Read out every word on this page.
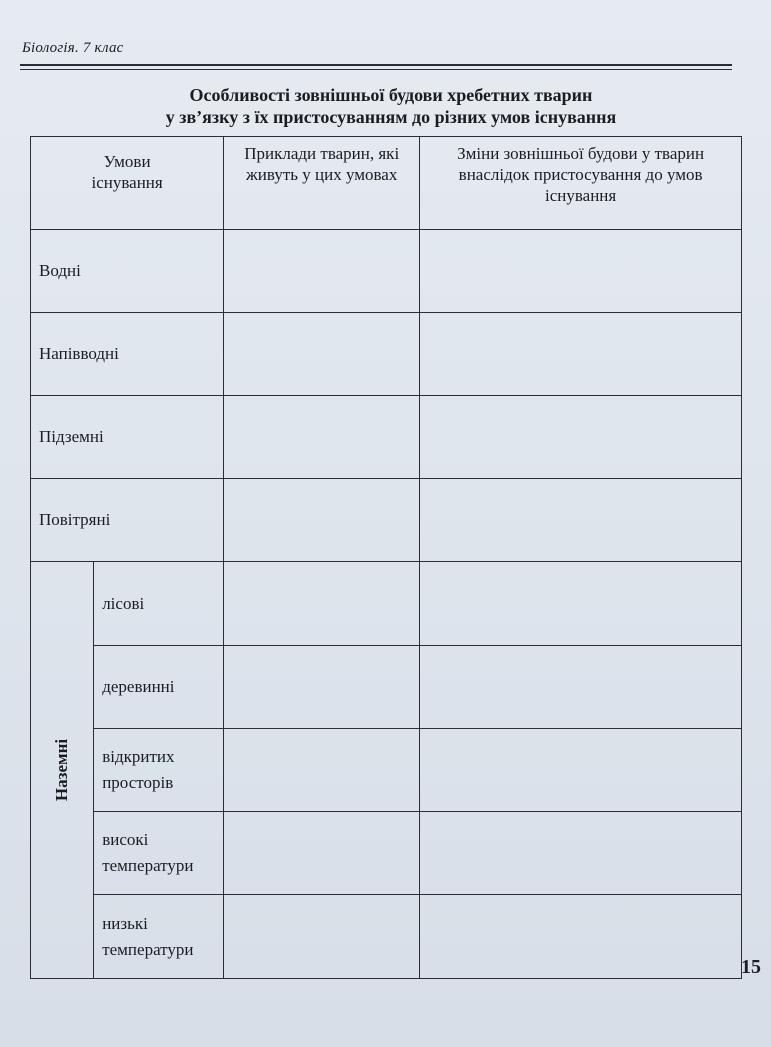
Біологія. 7 клас
Особливості зовнішньої будови хребетних тварин
у зв’язку з їх пристосуванням до різних умов існування
Умови існування		Приклади тварин, які живуть у цих умовах	Зміни зовнішньої будови у тварин внаслідок пристосування до умов існування
Водні			
Напівводні			
Підземні			
Повітряні			
Наземні	лісові		
	деревинні		
	відкритих просторів		
	високі температури		
	низькі температури		
15
